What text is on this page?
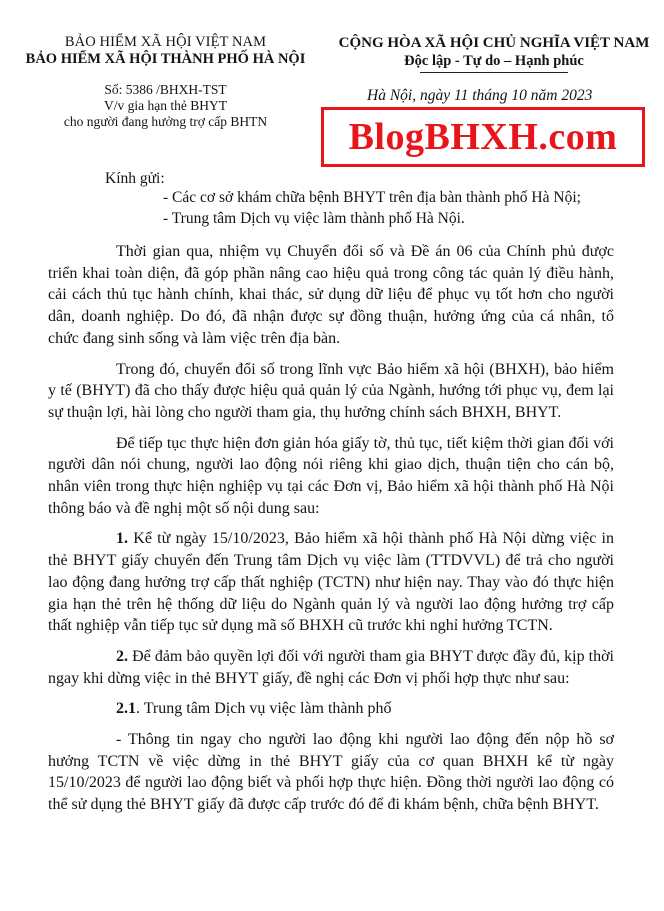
BẢO HIỂM XÃ HỘI VIỆT NAM
BẢO HIỂM XÃ HỘI THÀNH PHỐ HÀ NỘI
CỘNG HÒA XÃ HỘI CHỦ NGHĨA VIỆT NAM
Độc lập - Tự do – Hạnh phúc
Số: 5386 /BHXH-TST
V/v gia hạn thẻ BHYT
cho người đang hưởng trợ cấp BHTN
Hà Nội, ngày 11 tháng 10 năm 2023
BlogBHXH.com
Kính gửi:
- Các cơ sở khám chữa bệnh BHYT trên địa bàn thành phố Hà Nội;
- Trung tâm Dịch vụ việc làm thành phố Hà Nội.

Thời gian qua, nhiệm vụ Chuyển đổi số và Đề án 06 của Chính phủ được triển khai toàn diện, đã góp phần nâng cao hiệu quả trong công tác quản lý điều hành, cải cách thủ tục hành chính, khai thác, sử dụng dữ liệu để phục vụ tốt hơn cho người dân, doanh nghiệp. Do đó, đã nhận được sự đồng thuận, hưởng ứng của cá nhân, tổ chức đang sinh sống và làm việc trên địa bàn.

Trong đó, chuyển đổi số trong lĩnh vực Bảo hiểm xã hội (BHXH), bảo hiểm y tế (BHYT) đã cho thấy được hiệu quả quản lý của Ngành, hướng tới phục vụ, đem lại sự thuận lợi, hài lòng cho người tham gia, thụ hưởng chính sách BHXH, BHYT.

Để tiếp tục thực hiện đơn giản hóa giấy tờ, thủ tục, tiết kiệm thời gian đối với người dân nói chung, người lao động nói riêng khi giao dịch, thuận tiện cho cán bộ, nhân viên trong thực hiện nghiệp vụ tại các Đơn vị, Bảo hiểm xã hội thành phố Hà Nội thông báo và đề nghị một số nội dung sau:

1. Kể từ ngày 15/10/2023, Bảo hiểm xã hội thành phố Hà Nội dừng việc in thẻ BHYT giấy chuyển đến Trung tâm Dịch vụ việc làm (TTDVVL) để trả cho người lao động đang hưởng trợ cấp thất nghiệp (TCTN) như hiện nay. Thay vào đó thực hiện gia hạn thẻ trên hệ thống dữ liệu do Ngành quản lý và người lao động hưởng trợ cấp thất nghiệp vẫn tiếp tục sử dụng mã số BHXH cũ trước khi nghỉ hưởng TCTN.

2. Để đảm bảo quyền lợi đối với người tham gia BHYT được đầy đủ, kịp thời ngay khi dừng việc in thẻ BHYT giấy, đề nghị các Đơn vị phối hợp thực như sau:

2.1. Trung tâm Dịch vụ việc làm thành phố

- Thông tin ngay cho người lao động khi người lao động đến nộp hồ sơ hưởng TCTN về việc dừng in thẻ BHYT giấy của cơ quan BHXH kể từ ngày 15/10/2023 để người lao động biết và phối hợp thực hiện. Đồng thời người lao động có thể sử dụng thẻ BHYT giấy đã được cấp trước đó để đi khám bệnh, chữa bệnh BHYT.
